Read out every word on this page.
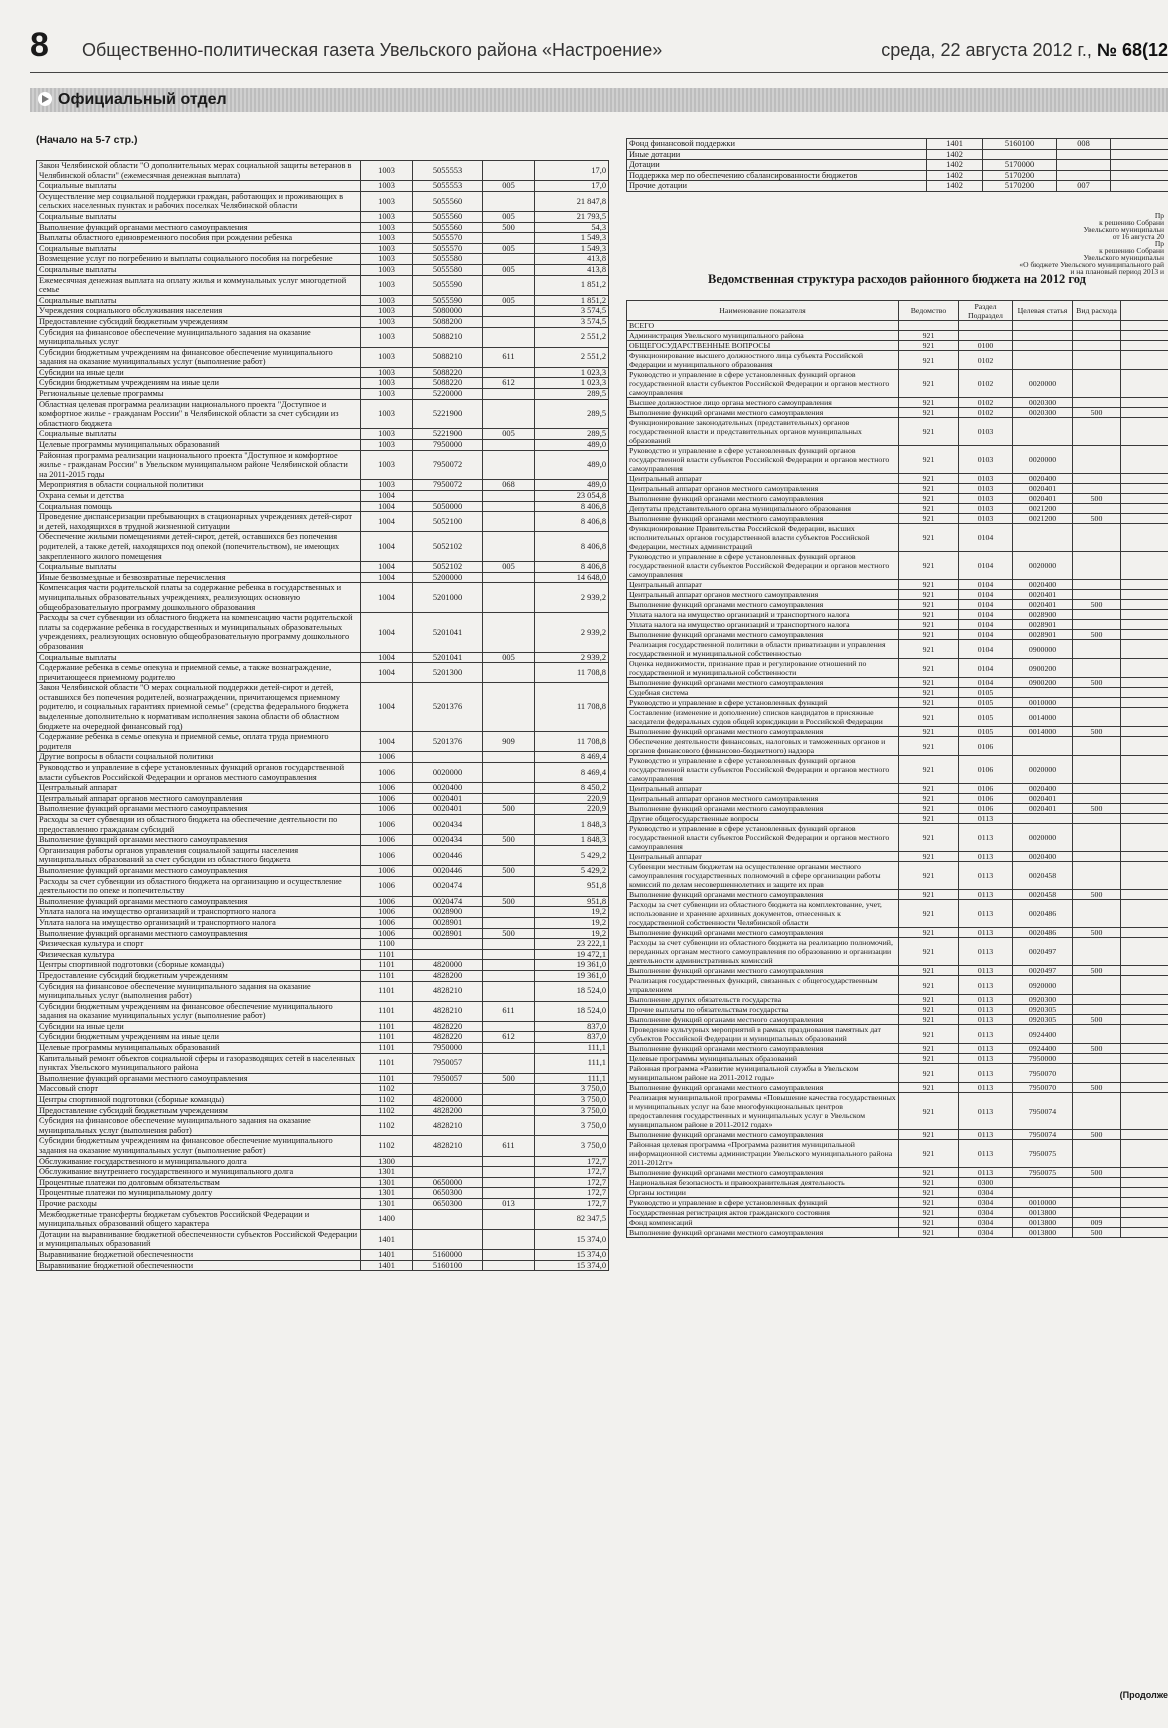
8	Общественно-политическая газета Увельского района «Настроение»	среда, 22 августа 2012 г., № 68(12
Официальный отдел
(Начало на 5-7 стр.)
Закон Челябинской области "О дополнительных мерах социальной защиты ветеранов в Челябинской области" (ежемесячная денежная выплата)	1003	5055553		17,0
Социальные выплаты	1003	5055553	005	17,0
Осуществление мер социальной поддержки граждан, работающих и проживающих в сельских населенных пунктах и рабочих поселках Челябинской области	1003	5055560		21 847,8
Социальные выплаты	1003	5055560	005	21 793,5
Выполнение функций органами местного самоуправления	1003	5055560	500	54,3
Выплаты областного единовременного пособия при рождении ребенка	1003	5055570		1 549,3
Социальные выплаты	1003	5055570	005	1 549,3
Возмещение услуг по погребению и выплаты социального пособия на погребение	1003	5055580		413,8
Социальные выплаты	1003	5055580	005	413,8
Ежемесячная денежная выплата на оплату жилья и коммунальных услуг многодетной семье	1003	5055590		1 851,2
Социальные выплаты	1003	5055590	005	1 851,2
Учреждения социального обслуживания населения	1003	5080000		3 574,5
Предоставление субсидий бюджетным учреждениям	1003	5088200		3 574,5
Субсидия на финансовое обеспечение муниципального задания на оказание муниципальных услуг	1003	5088210		2 551,2
Субсидии бюджетным учреждениям на финансовое обеспечение муниципального задания на оказание муниципальных услуг (выполнение работ)	1003	5088210	611	2 551,2
Субсидии на иные цели	1003	5088220		1 023,3
Субсидии бюджетным учреждениям на иные цели	1003	5088220	612	1 023,3
Региональные целевые программы	1003	5220000		289,5
Областная целевая программа реализации национального проекта "Доступное и комфортное жилье - гражданам России" в Челябинской области за счет субсидии из областного бюджета	1003	5221900		289,5
Социальные выплаты	1003	5221900	005	289,5
Целевые программы муниципальных образований	1003	7950000		489,0
Районная программа реализации национального проекта "Доступное и комфортное жилье - гражданам России" в Увельском муниципальном районе Челябинской области на 2011-2015 годы	1003	7950072		489,0
Мероприятия в области социальной политики	1003	7950072	068	489,0
Охрана семьи и детства	1004			23 054,8
Социальная помощь	1004	5050000		8 406,8
Проведение диспансеризации пребывающих в стационарных учреждениях детей-сирот и детей, находящихся в трудной жизненной ситуации	1004	5052100		8 406,8
Обеспечение жилыми помещениями детей-сирот, детей, оставшихся без попечения родителей, а также детей, находящихся под опекой (попечительством), не имеющих закрепленного жилого помещения	1004	5052102		8 406,8
Социальные выплаты	1004	5052102	005	8 406,8
Иные безвозмездные и безвозвратные перечисления	1004	5200000		14 648,0
Компенсация части родительской платы за содержание ребенка в государственных и муниципальных образовательных учреждениях, реализующих основную общеобразовательную программу дошкольного образования	1004	5201000		2 939,2
Расходы за счет субвенции из областного бюджета на компенсацию части родительской платы за содержание ребенка в государственных и муниципальных образовательных учреждениях, реализующих основную общеобразовательную программу дошкольного образования	1004	5201041		2 939,2
Социальные выплаты	1004	5201041	005	2 939,2
Содержание ребенка в семье опекуна и приемной семье, а также вознаграждение, причитающееся приемному родителю	1004	5201300		11 708,8
Закон Челябинской области "О мерах социальной поддержки детей-сирот и детей, оставшихся без попечения родителей, вознаграждении, причитающемся приемному родителю, и социальных гарантиях приемной семье" (средства федерального бюджета выделенные дополнительно к нормативам исполнения закона области об областном бюджете на очередной финансовый год)	1004	5201376		11 708,8
Содержание ребенка в семье опекуна и приемной семье, оплата труда приемного родителя	1004	5201376	909	11 708,8
Другие вопросы в области социальной политики	1006			8 469,4
Руководство и управление в сфере установленных функций органов государственной власти субъектов Российской Федерации и органов местного самоуправления	1006	0020000		8 469,4
Центральный аппарат	1006	0020400		8 450,2
Центральный аппарат органов местного самоуправления	1006	0020401		220,9
Выполнение функций органами местного самоуправления	1006	0020401	500	220,9
Расходы за счет субвенции из областного бюджета на обеспечение деятельности по предоставлению гражданам субсидий	1006	0020434		1 848,3
Выполнение функций органами местного самоуправления	1006	0020434	500	1 848,3
Организация работы органов управления социальной защиты населения муниципальных образований за счет субсидии из областного бюджета	1006	0020446		5 429,2
Выполнение функций органами местного самоуправления	1006	0020446	500	5 429,2
Расходы за счет субвенции из областного бюджета на организацию и осуществление деятельности по опеке и попечительству	1006	0020474		951,8
Выполнение функций органами местного самоуправления	1006	0020474	500	951,8
Уплата налога на имущество организаций и транспортного налога	1006	0028900		19,2
Уплата налога на имущество организаций и транспортного налога	1006	0028901		19,2
Выполнение функций органами местного самоуправления	1006	0028901	500	19,2
Физическая культура и спорт	1100			23 222,1
Физическая культура	1101			19 472,1
Центры спортивной подготовки (сборные команды)	1101	4820000		19 361,0
Предоставление субсидий бюджетным учреждениям	1101	4828200		19 361,0
Субсидия на финансовое обеспечение муниципального задания на оказание муниципальных услуг (выполнения работ)	1101	4828210		18 524,0
Субсидии бюджетным учреждениям на финансовое обеспечение муниципального задания на оказание муниципальных услуг (выполнение работ)	1101	4828210	611	18 524,0
Субсидии на иные цели	1101	4828220		837,0
Субсидии бюджетным учреждениям на иные цели	1101	4828220	612	837,0
Целевые программы муниципальных образований	1101	7950000		111,1
Капитальный ремонт объектов социальной сферы и газоразводящих сетей в населенных пунктах Увельского муниципального района	1101	7950057		111,1
Выполнение функций органами местного самоуправления	1101	7950057	500	111,1
Массовый спорт	1102			3 750,0
Центры спортивной подготовки (сборные команды)	1102	4820000		3 750,0
Предоставление субсидий бюджетным учреждениям	1102	4828200		3 750,0
Субсидия на финансовое обеспечение муниципального задания на оказание муниципальных услуг (выполнения работ)	1102	4828210		3 750,0
Субсидии бюджетным учреждениям на финансовое обеспечение муниципального задания на оказание муниципальных услуг (выполнение работ)	1102	4828210	611	3 750,0
Обслуживание государственного и муниципального долга	1300			172,7
Обслуживание внутреннего государственного и муниципального долга	1301			172,7
Процентные платежи по долговым обязательствам	1301	0650000		172,7
Процентные платежи по муниципальному долгу	1301	0650300		172,7
Прочие расходы	1301	0650300	013	172,7
Межбюджетные трансферты бюджетам субъектов Российской Федерации и муниципальных образований общего характера	1400			82 347,5
Дотации на выравнивание бюджетной обеспеченности субъектов Российской Федерации и муниципальных образований	1401			15 374,0
Выравнивание бюджетной обеспеченности	1401	5160000		15 374,0
Выравнивание бюджетной обеспеченности	1401	5160100		15 374,0
Фонд финансовой поддержки	1401	5160100	008	
Иные дотации	1402			
Дотации	1402	5170000		
Поддержка мер по обеспечению сбалансированности бюджетов	1402	5170200		
Прочие дотации	1402	5170200	007	
Пр
к решению Собрани
Увельского муниципальн
от 16 августа 20
Пр
к решению Собрани
Увельского муниципальн
«О бюджете Увельского муниципального рай
и на плановый период 2013 и
Ведомственная структура расходов районного бюджета на 2012 год
Наименование показателя	Ведомство	Раздел Подраздел	Целевая статья	Вид расхода	
ВСЕГО					
Администрация Увельского муниципального района	921				
ОБЩЕГОСУДАРСТВЕННЫЕ ВОПРОСЫ	921	0100			
Функционирование высшего должностного лица субъекта Российской Федерации и муниципального образования	921	0102			
Руководство и управление в сфере установленных функций органов государственной власти субъектов Российской Федерации и органов местного самоуправления	921	0102	0020000		
Высшее должностное лицо органа местного самоуправления	921	0102	0020300		
Выполнение функций органами местного самоуправления	921	0102	0020300	500	
Функционирование законодательных (представительных) органов государственной власти и представительных органов муниципальных образований	921	0103			
Руководство и управление в сфере установленных функций органов государственной власти субъектов Российской Федерации и органов местного самоуправления	921	0103	0020000		
Центральный аппарат	921	0103	0020400		
Центральный аппарат органов местного самоуправления	921	0103	0020401		
Выполнение функций органами местного самоуправления	921	0103	0020401	500	
Депутаты представительного органа муниципального образования	921	0103	0021200		
Выполнение функций органами местного самоуправления	921	0103	0021200	500	
Функционирование Правительства Российской Федерации, высших исполнительных органов государственной власти субъектов Российской Федерации, местных администраций	921	0104			
Руководство и управление в сфере установленных функций органов государственной власти субъектов Российской Федерации и органов местного самоуправления	921	0104	0020000		
Центральный аппарат	921	0104	0020400		
Центральный аппарат органов местного самоуправления	921	0104	0020401		
Выполнение функций органами местного самоуправления	921	0104	0020401	500	
Уплата налога на имущество организаций и транспортного налога	921	0104	0028900		
Уплата налога на имущество организаций и транспортного налога	921	0104	0028901		
Выполнение функций органами местного самоуправления	921	0104	0028901	500	
Реализация государственной политики в области приватизации и управления государственной и муниципальной собственностью	921	0104	0900000		
Оценка недвижимости, признание прав и регулирование отношений по государственной и муниципальной собственности	921	0104	0900200		
Выполнение функций органами местного самоуправления	921	0104	0900200	500	
Судебная система	921	0105			
Руководство и управление в сфере установленных функций	921	0105	0010000		
Составление (изменение и дополнение) списков кандидатов в присяжные заседатели федеральных судов общей юрисдикции в Российской Федерации	921	0105	0014000		
Выполнение функций органами местного самоуправления	921	0105	0014000	500	
Обеспечение деятельности финансовых, налоговых и таможенных органов и органов финансового (финансово-бюджетного) надзора	921	0106			
Руководство и управление в сфере установленных функций органов государственной власти субъектов Российской Федерации и органов местного самоуправления	921	0106	0020000		
Центральный аппарат	921	0106	0020400		
Центральный аппарат органов местного самоуправления	921	0106	0020401		
Выполнение функций органами местного самоуправления	921	0106	0020401	500	
Другие общегосударственные вопросы	921	0113			
Руководство и управление в сфере установленных функций органов государственной власти субъектов Российской Федерации и органов местного самоуправления	921	0113	0020000		
Центральный аппарат	921	0113	0020400		
Субвенции местным бюджетам на осуществление органами местного самоуправления государственных полномочий в сфере организации работы комиссий по делам несовершеннолетних и защите их прав	921	0113	0020458		
Выполнение функций органами местного самоуправления	921	0113	0020458	500	
Расходы за счет субвенции из областного бюджета на комплектование, учет, использование и хранение архивных документов, отнесенных к государственной собственности Челябинской области	921	0113	0020486		
Выполнение функций органами местного самоуправления	921	0113	0020486	500	
Расходы за счет субвенции из областного бюджета на реализацию полномочий, переданных органам местного самоуправления по образованию и организации деятельности административных комиссий	921	0113	0020497		
Выполнение функций органами местного самоуправления	921	0113	0020497	500	
Реализация государственных функций, связанных с общегосударственным управлением	921	0113	0920000		
Выполнение других обязательств государства	921	0113	0920300		
Прочие выплаты по обязательствам государства	921	0113	0920305		
Выполнение функций органами местного самоуправления	921	0113	0920305	500	
Проведение культурных мероприятий в рамках празднования памятных дат субъектов Российской Федерации и муниципальных образований	921	0113	0924400		
Выполнение функций органами местного самоуправления	921	0113	0924400	500	
Целевые программы муниципальных образований	921	0113	7950000		
Районная программа «Развитие муниципальной службы в Увельском муниципальном районе на 2011-2012 годы»	921	0113	7950070		
Выполнение функций органами местного самоуправления	921	0113	7950070	500	
Реализация муниципальной программы «Повышение качества государственных и муниципальных услуг на базе многофункциональных центров предоставления государственных и муниципальных услуг в Увельском муниципальном районе в 2011-2012 годах»	921	0113	7950074		
Выполнение функций органами местного самоуправления	921	0113	7950074	500	
Районная целевая программа «Программа развития муниципальной информационной системы администрации Увельского муниципального района 2011-2012гг»	921	0113	7950075		
Выполнение функций органами местного самоуправления	921	0113	7950075	500	
Национальная безопасность и правоохранительная деятельность	921	0300			
Органы юстиции	921	0304			
Руководство и управление в сфере установленных функций	921	0304	0010000		
Государственная регистрация актов гражданского состояния	921	0304	0013800		
Фонд компенсаций	921	0304	0013800	009	
Выполнение функций органами местного самоуправления	921	0304	0013800	500	
(Продолже
